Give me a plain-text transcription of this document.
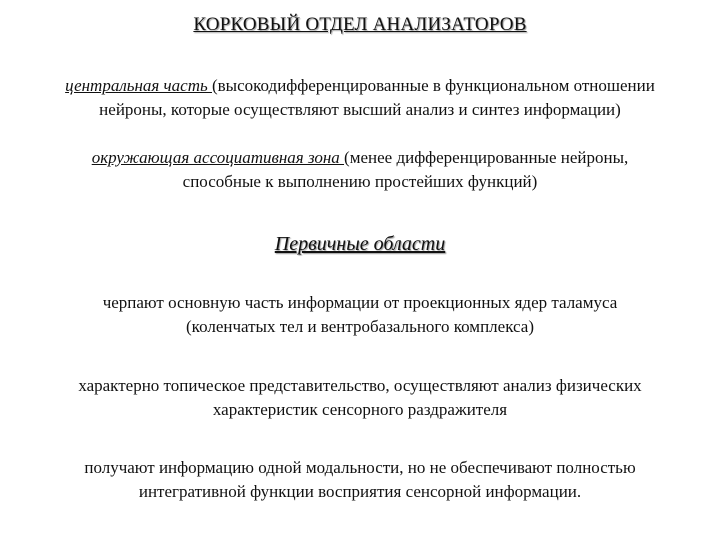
КОРКОВЫЙ ОТДЕЛ АНАЛИЗАТОРОВ
центральная часть (высокодифференцированные в функциональном отношении
нейроны, которые осуществляют высший анализ и синтез информации)
окружающая ассоциативная зона (менее дифференцированные нейроны,
способные к выполнению простейших функций)
Первичные области
черпают основную часть информации от проекционных ядер таламуса
(коленчатых тел и вентробазального комплекса)
характерно топическое представительство, осуществляют анализ физических
характеристик сенсорного раздражителя
получают информацию одной модальности, но не обеспечивают полностью
интегративной функции восприятия сенсорной информации.
